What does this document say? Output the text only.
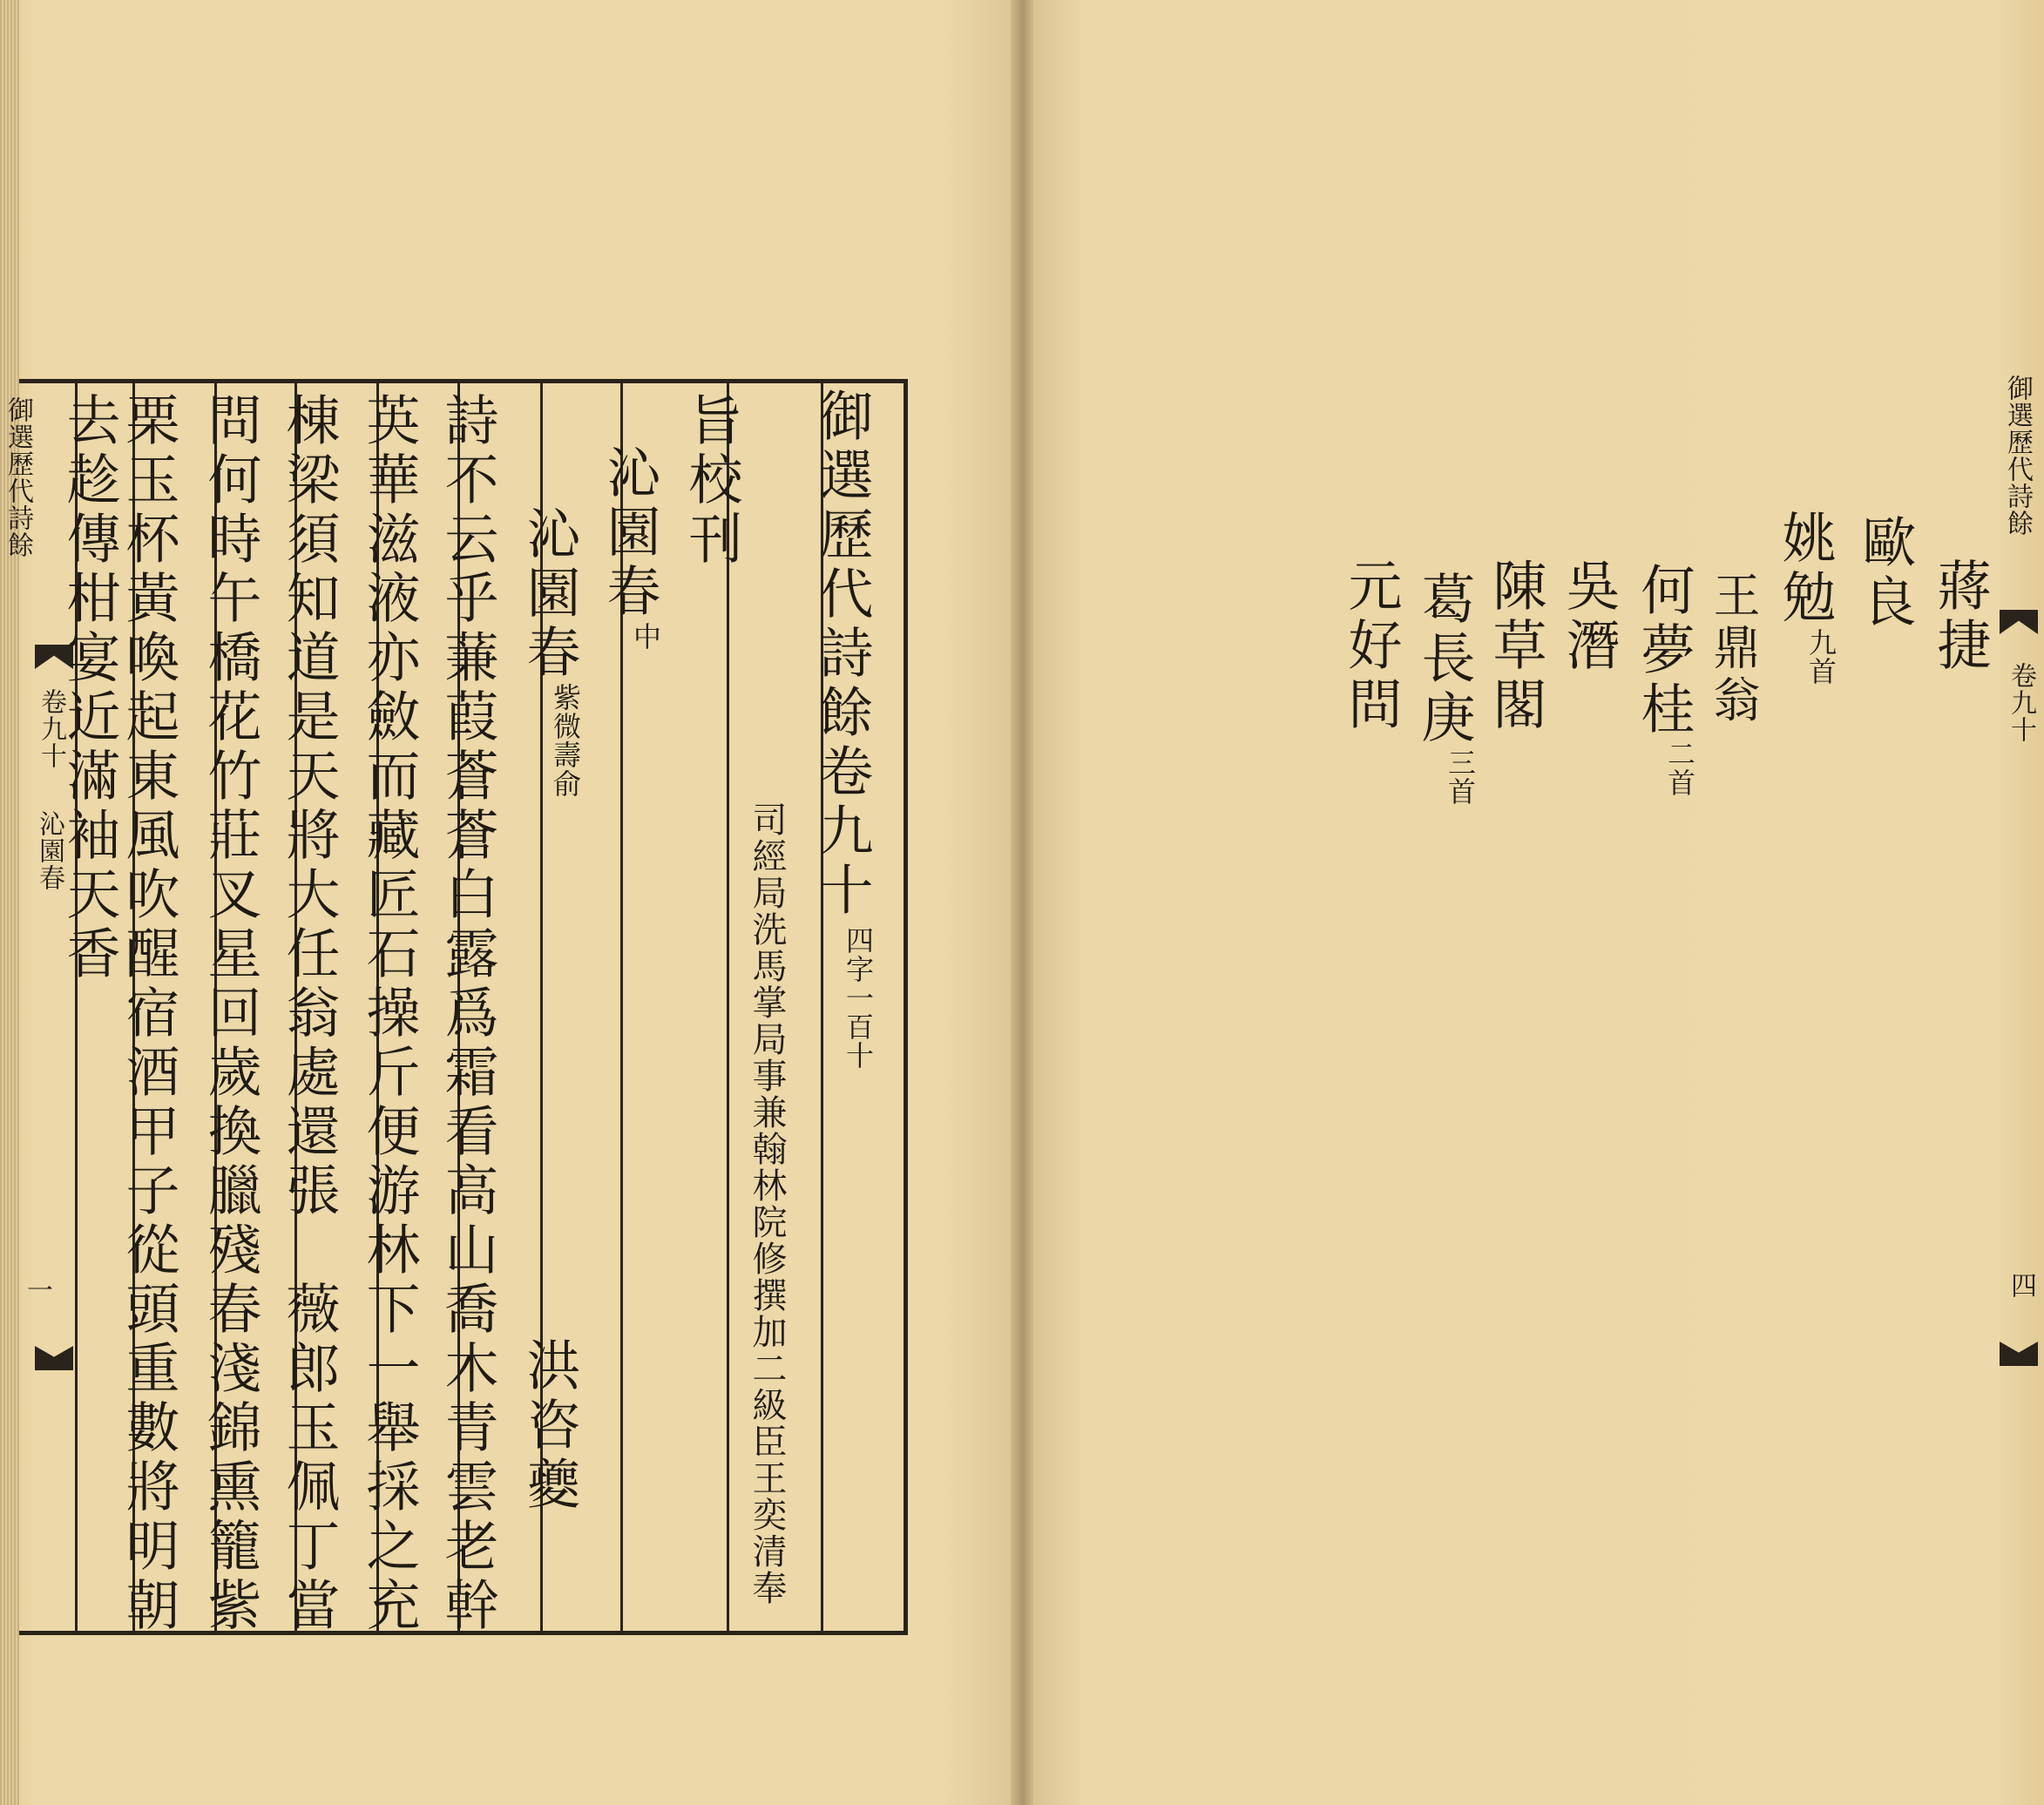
御選歷代詩餘
卷九十
沁園春
一
御選歷代詩餘卷九十
一百十
四字
司經局洗馬掌局事兼翰林院修撰加二級臣王奕清奉
旨校刊
沁園春中
沁園春
壽俞
紫微
洪咨夔
詩不云乎蒹葭蒼蒼白露爲霜看高山喬木青雲老幹
英華滋液亦斂而藏匠石操斤便游林下一舉採之充
棟梁須知道是天將大任翁處還張　薇郎玉佩丁當
問何時午橋花竹莊叉星回歲換臘殘春淺錦熏籠紫
栗玉杯黃喚起東風吹醒宿酒甲子從頭重數將明朝
去趁傳柑宴近滿袖天香	蔣捷
歐良
姚勉九首
王鼎翁
何夢桂二首
吳潛
陳草閣
葛長庚三首
元好問
御選歷代詩餘
卷九十
四
